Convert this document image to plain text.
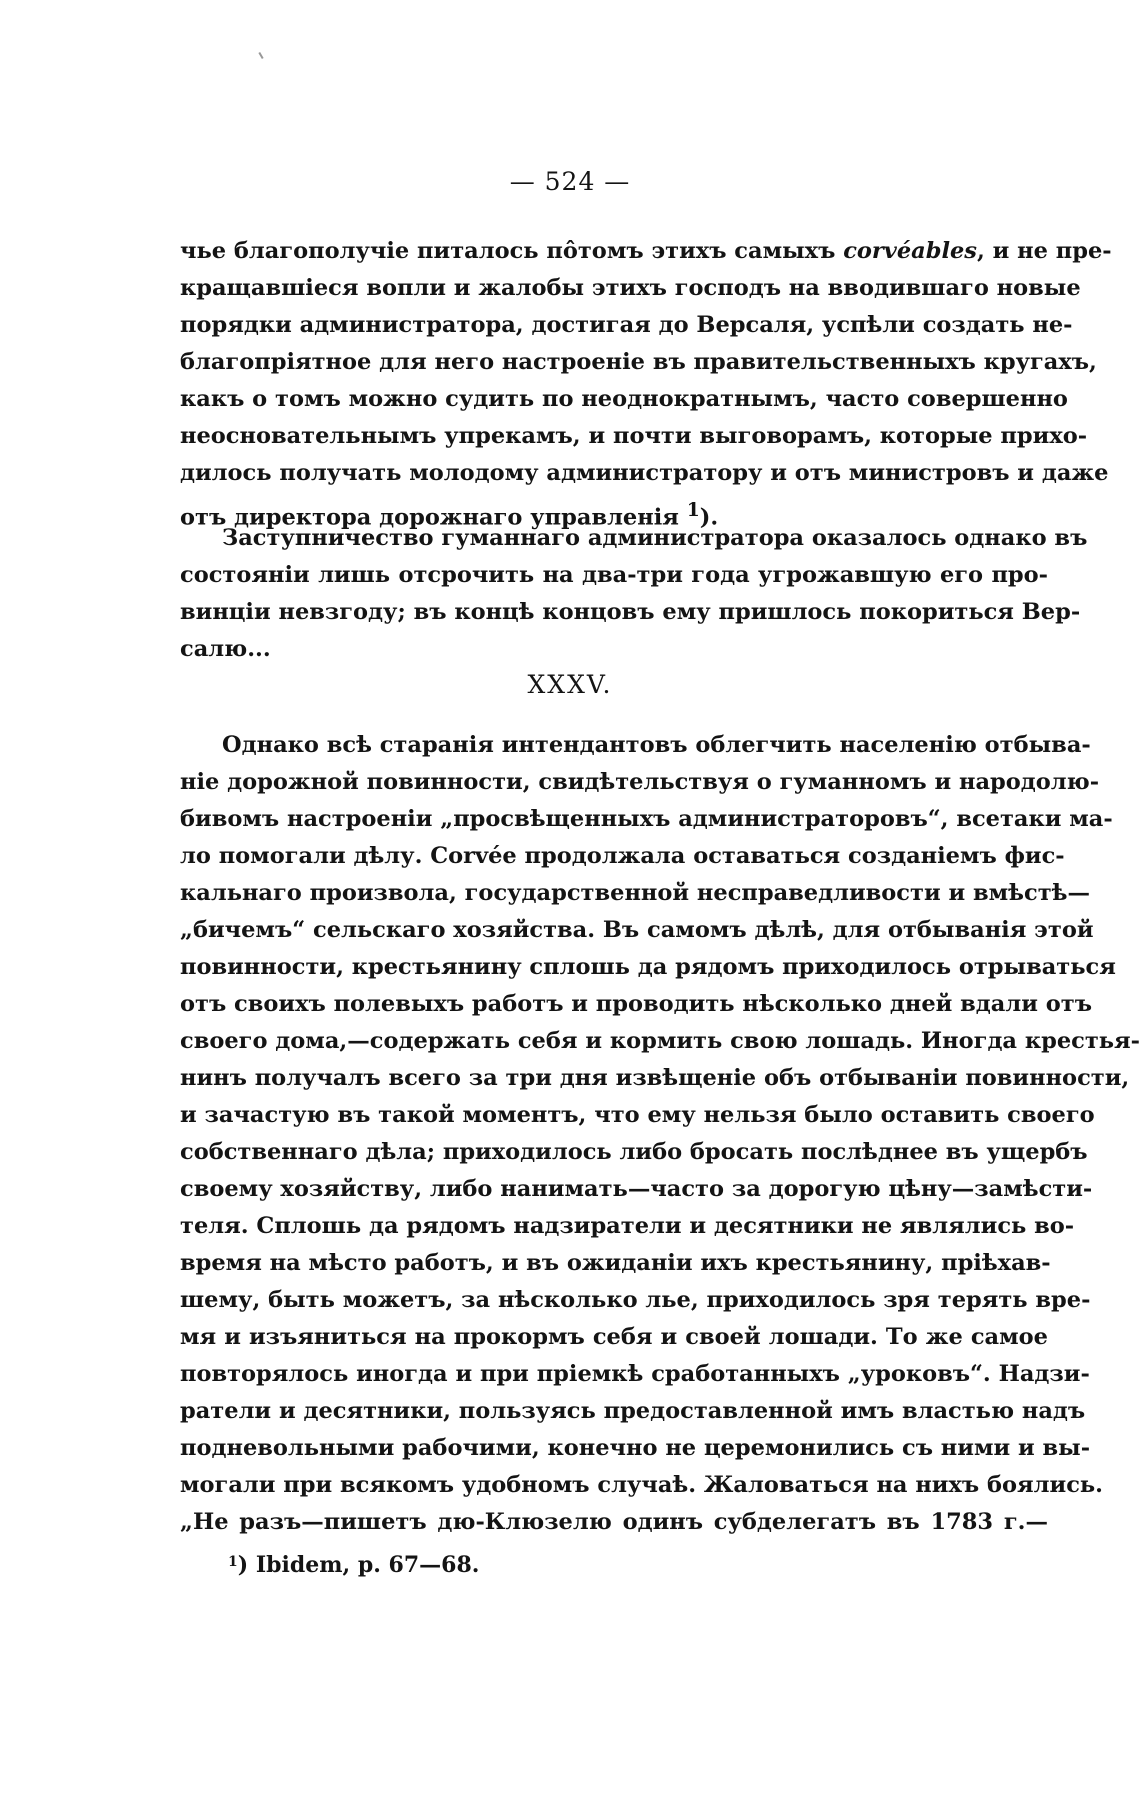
— 524 —
чье благополучіе питалось пôтомъ этихъ самыхъ corvéables, и не пре-
кращавшіеся вопли и жалобы этихъ господъ на вводившаго новые
порядки администратора, достигая до Версаля, успѣли создать не-
благопріятное для него настроеніе въ правительственныхъ кругахъ,
какъ о томъ можно судить по неоднократнымъ, часто совершенно
неосновательнымъ упрекамъ, и почти выговорамъ, которые прихо-
дилось получать молодому администратору и отъ министровъ и даже
отъ директора дорожнаго управленія $^1$).
Заступничество гуманнаго администратора оказалось однако въ
состояніи лишь отсрочить на два-три года угрожавшую его про-
винціи невзгоду; въ концѣ концовъ ему пришлось покориться Вер-
салю...
XXXV.
Однако всѣ старанія интендантовъ облегчить населенію отбыва-
ніе дорожной повинности, свидѣтельствуя о гуманномъ и народолю-
бивомъ настроеніи „просвѣщенныхъ администраторовъ“, всетаки ма-
ло помогали дѣлу. Corvée продолжала оставаться созданіемъ фис-
кальнаго произвола, государственной несправедливости и вмѣстѣ—
„бичемъ“ сельскаго хозяйства. Въ самомъ дѣлѣ, для отбыванія этой
повинности, крестьянину сплошь да рядомъ приходилось отрываться
отъ своихъ полевыхъ работъ и проводить нѣсколько дней вдали отъ
своего дома,—содержать себя и кормить свою лошадь. Иногда крестья-
нинъ получалъ всего за три дня извѣщеніе объ отбываніи повинности,
и зачастую въ такой моментъ, что ему нельзя было оставить своего
собственнаго дѣла; приходилось либо бросать послѣднее въ ущербъ
своему хозяйству, либо нанимать—часто за дорогую цѣну—замѣсти-
теля. Сплошь да рядомъ надзиратели и десятники не являлись во-
время на мѣсто работъ, и въ ожиданіи ихъ крестьянину, пріѣхав-
шему, быть можетъ, за нѣсколько лье, приходилось зря терять вре-
мя и изъяниться на прокормъ себя и своей лошади. То же самое
повторялось иногда и при пріемкѣ сработанныхъ „уроковъ“. Надзи-
ратели и десятники, пользуясь предоставленной имъ властью надъ
подневольными рабочими, конечно не церемонились съ ними и вы-
могали при всякомъ удобномъ случаѣ. Жаловаться на нихъ боялись.
„Не разъ—пишетъ дю-Клюзелю одинъ субделегатъ въ 1783 г.—
$^1$) Ibidem, p. 67—68.
